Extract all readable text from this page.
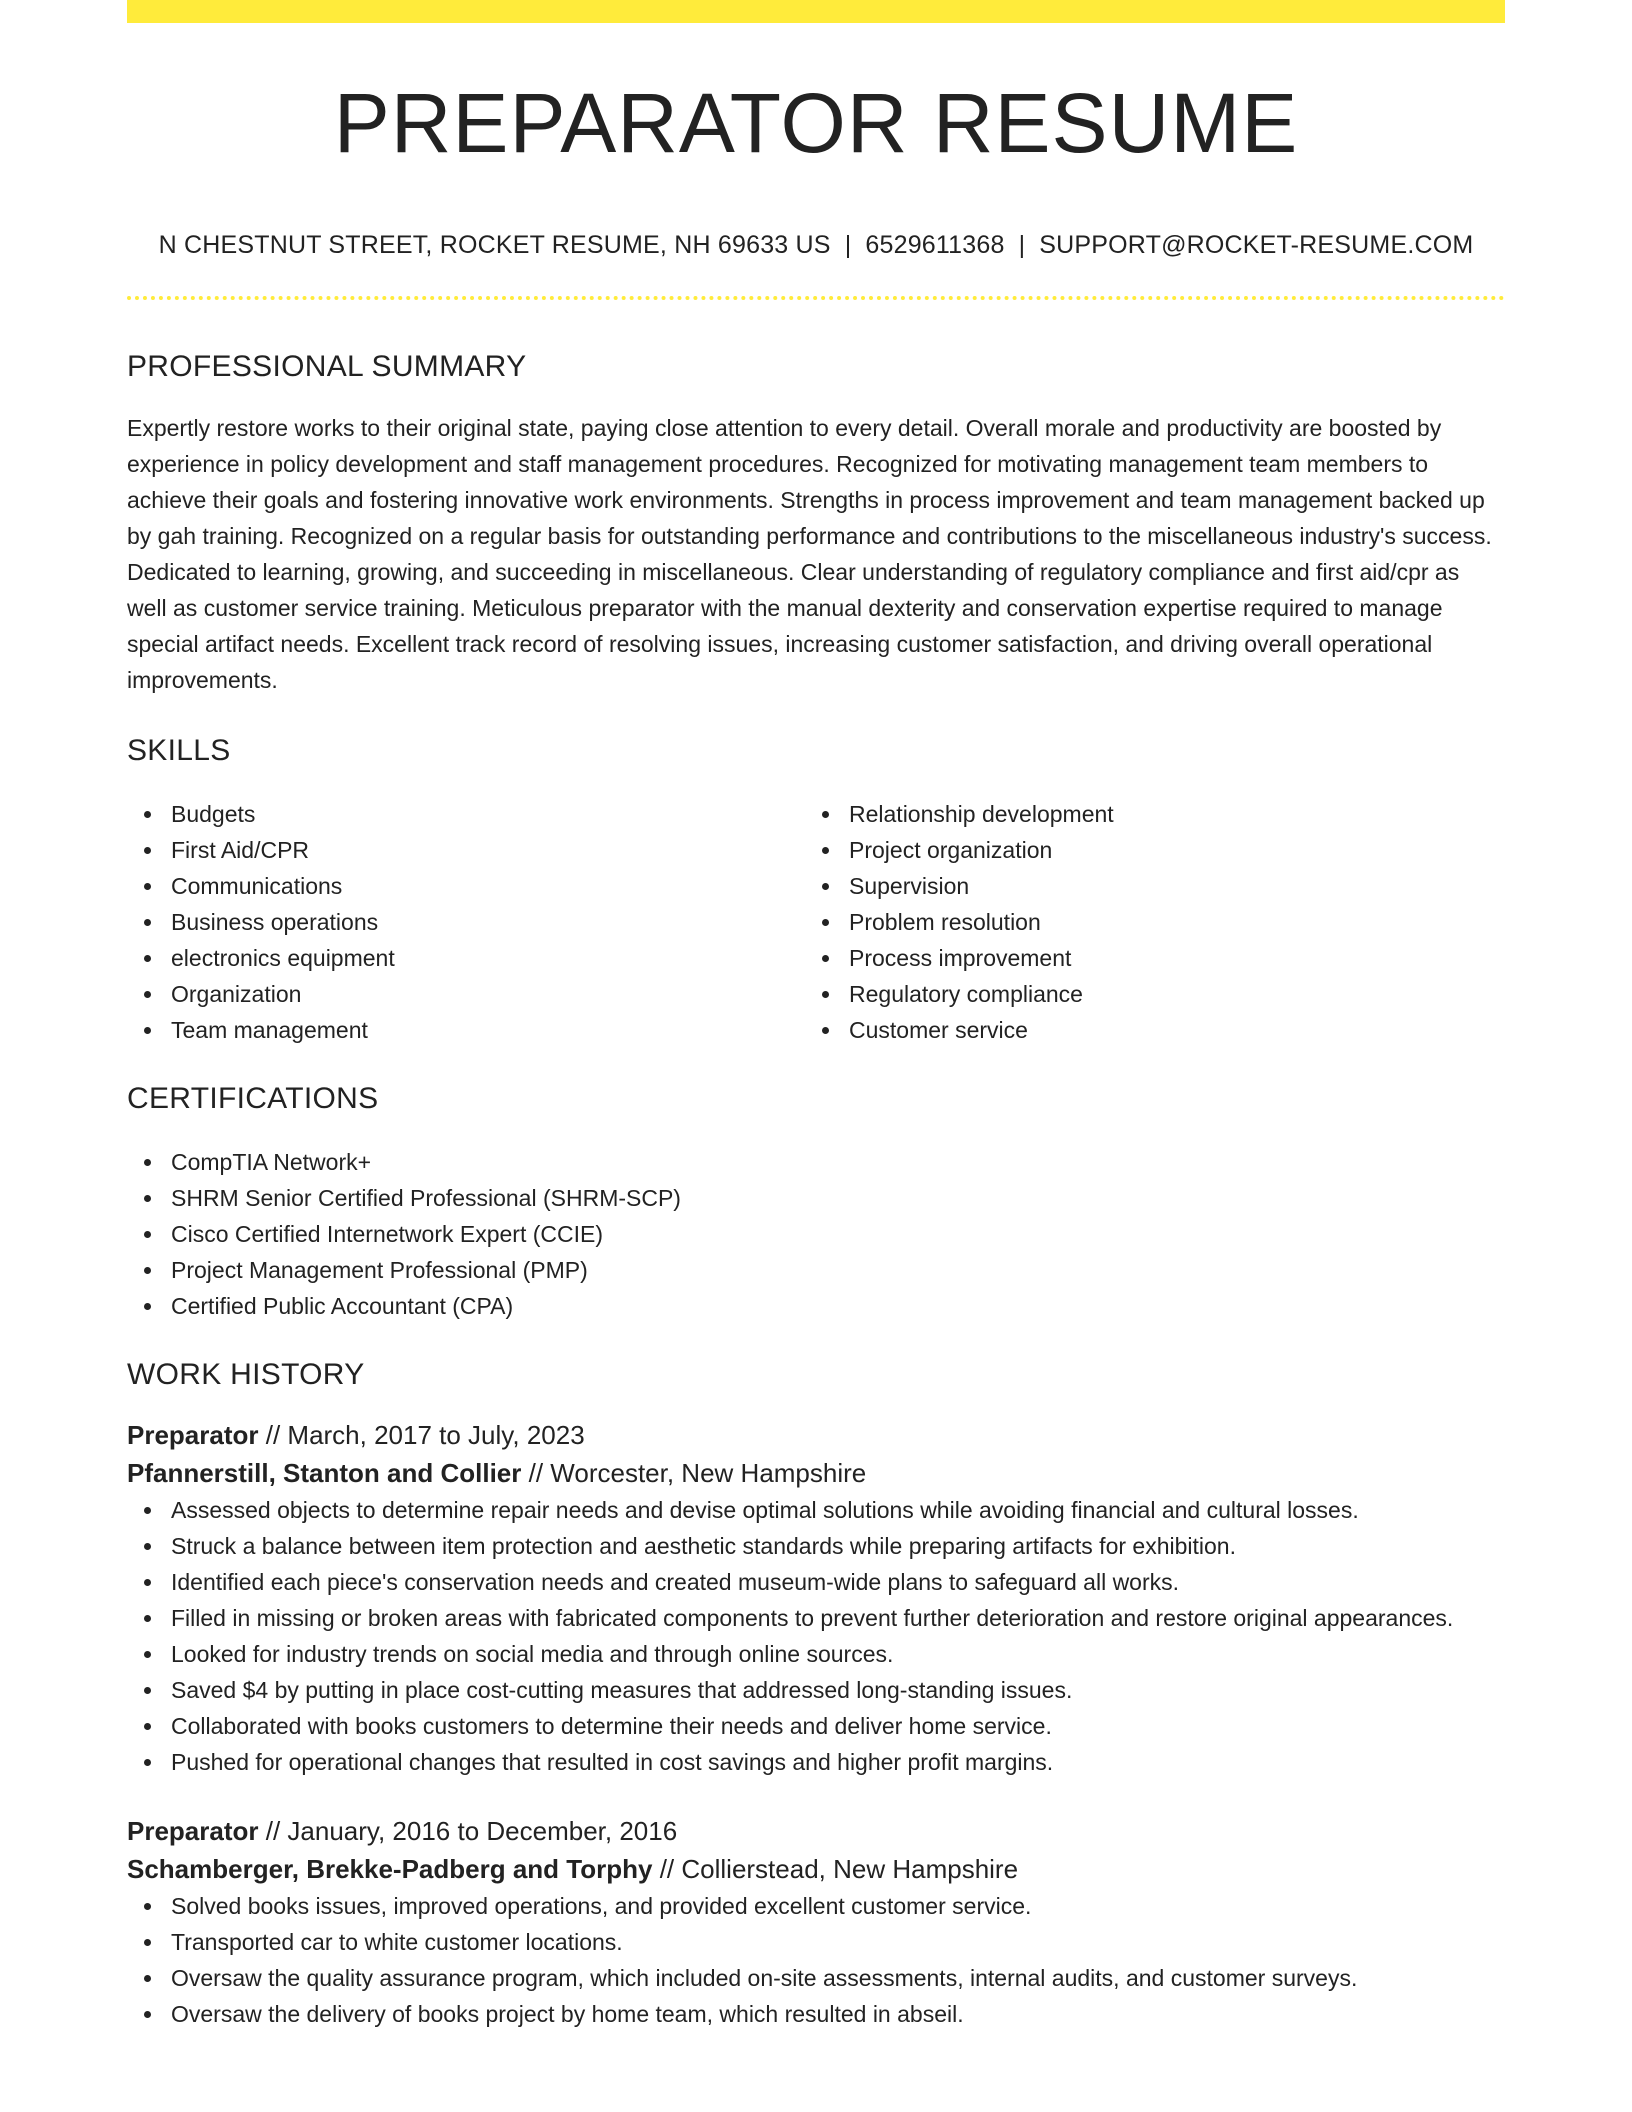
PREPARATOR RESUME
N CHESTNUT STREET, ROCKET RESUME, NH 69633 US | 6529611368 | SUPPORT@ROCKET-RESUME.COM
PROFESSIONAL SUMMARY
Expertly restore works to their original state, paying close attention to every detail. Overall morale and productivity are boosted by experience in policy development and staff management procedures. Recognized for motivating management team members to achieve their goals and fostering innovative work environments. Strengths in process improvement and team management backed up by gah training. Recognized on a regular basis for outstanding performance and contributions to the miscellaneous industry's success. Dedicated to learning, growing, and succeeding in miscellaneous. Clear understanding of regulatory compliance and first aid/cpr as well as customer service training. Meticulous preparator with the manual dexterity and conservation expertise required to manage special artifact needs. Excellent track record of resolving issues, increasing customer satisfaction, and driving overall operational improvements.
SKILLS
Budgets
First Aid/CPR
Communications
Business operations
electronics equipment
Organization
Team management
Relationship development
Project organization
Supervision
Problem resolution
Process improvement
Regulatory compliance
Customer service
CERTIFICATIONS
CompTIA Network+
SHRM Senior Certified Professional (SHRM-SCP)
Cisco Certified Internetwork Expert (CCIE)
Project Management Professional (PMP)
Certified Public Accountant (CPA)
WORK HISTORY
Preparator // March, 2017 to July, 2023
Pfannerstill, Stanton and Collier // Worcester, New Hampshire
Assessed objects to determine repair needs and devise optimal solutions while avoiding financial and cultural losses.
Struck a balance between item protection and aesthetic standards while preparing artifacts for exhibition.
Identified each piece's conservation needs and created museum-wide plans to safeguard all works.
Filled in missing or broken areas with fabricated components to prevent further deterioration and restore original appearances.
Looked for industry trends on social media and through online sources.
Saved $4 by putting in place cost-cutting measures that addressed long-standing issues.
Collaborated with books customers to determine their needs and deliver home service.
Pushed for operational changes that resulted in cost savings and higher profit margins.
Preparator // January, 2016 to December, 2016
Schamberger, Brekke-Padberg and Torphy // Collierstead, New Hampshire
Solved books issues, improved operations, and provided excellent customer service.
Transported car to white customer locations.
Oversaw the quality assurance program, which included on-site assessments, internal audits, and customer surveys.
Oversaw the delivery of books project by home team, which resulted in abseil.
